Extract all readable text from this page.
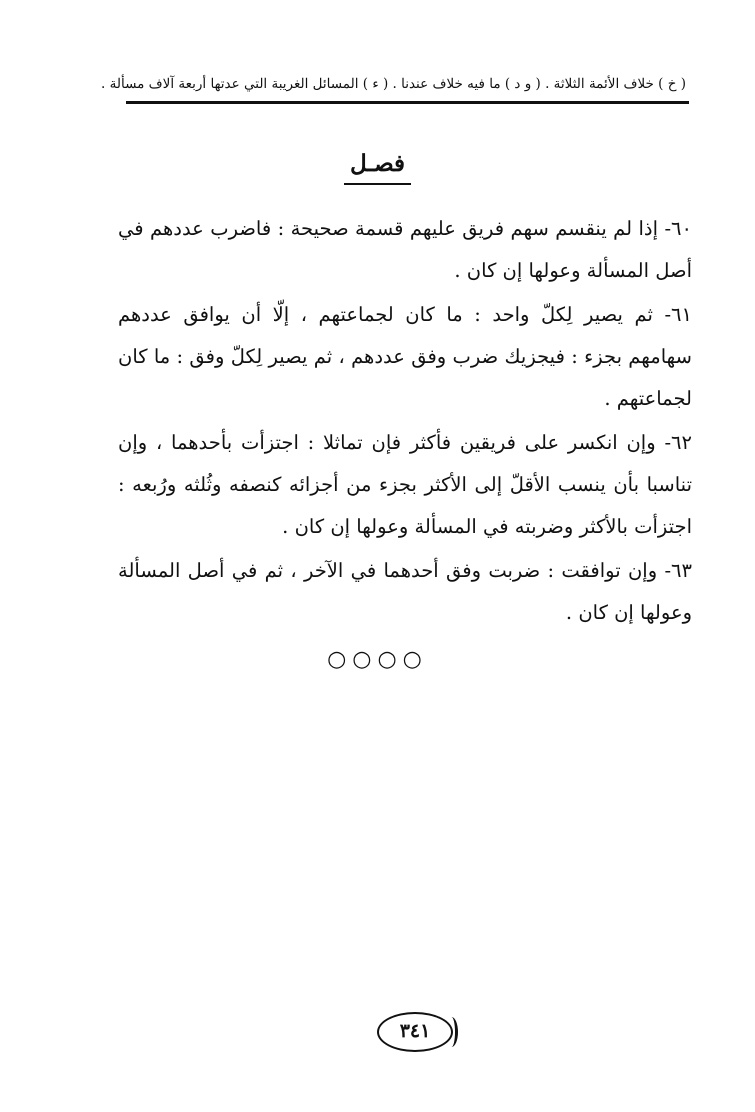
( خ ) خلاف الأئمة الثلاثة . ( و د ) ما فيه خلاف عندنا . ( ء ) المسائل الغريبة التي عدتها أربعة آلاف مسألة .
فصـل

٦٠- إذا لم ينقسم سهم فريق عليهم قسمة صحيحة : فاضرب عددهم في أصل المسألة وعولها إن كان .

٦١- ثم يصير لِكلّ واحد : ما كان لجماعتهم ، إلّا أن يوافق عددهم سهامهم بجزء : فيجزيك ضرب وفق عددهم ، ثم يصير لِكلّ وفق : ما كان لجماعتهم .

٦٢- وإن انكسر على فريقين فأكثر فإن تماثلا : اجتزأت بأحدهما ، وإن تناسبا بأن ينسب الأقلّ إلى الأكثر بجزء من أجزائه كنصفه وثُلثه ورُبعه : اجتزأت بالأكثر وضربته في المسألة وعولها إن كان .

٦٣- وإن توافقت : ضربت وفق أحدهما في الآخر ، ثم في أصل المسألة وعولها إن كان .

○○○○
٣٤١
